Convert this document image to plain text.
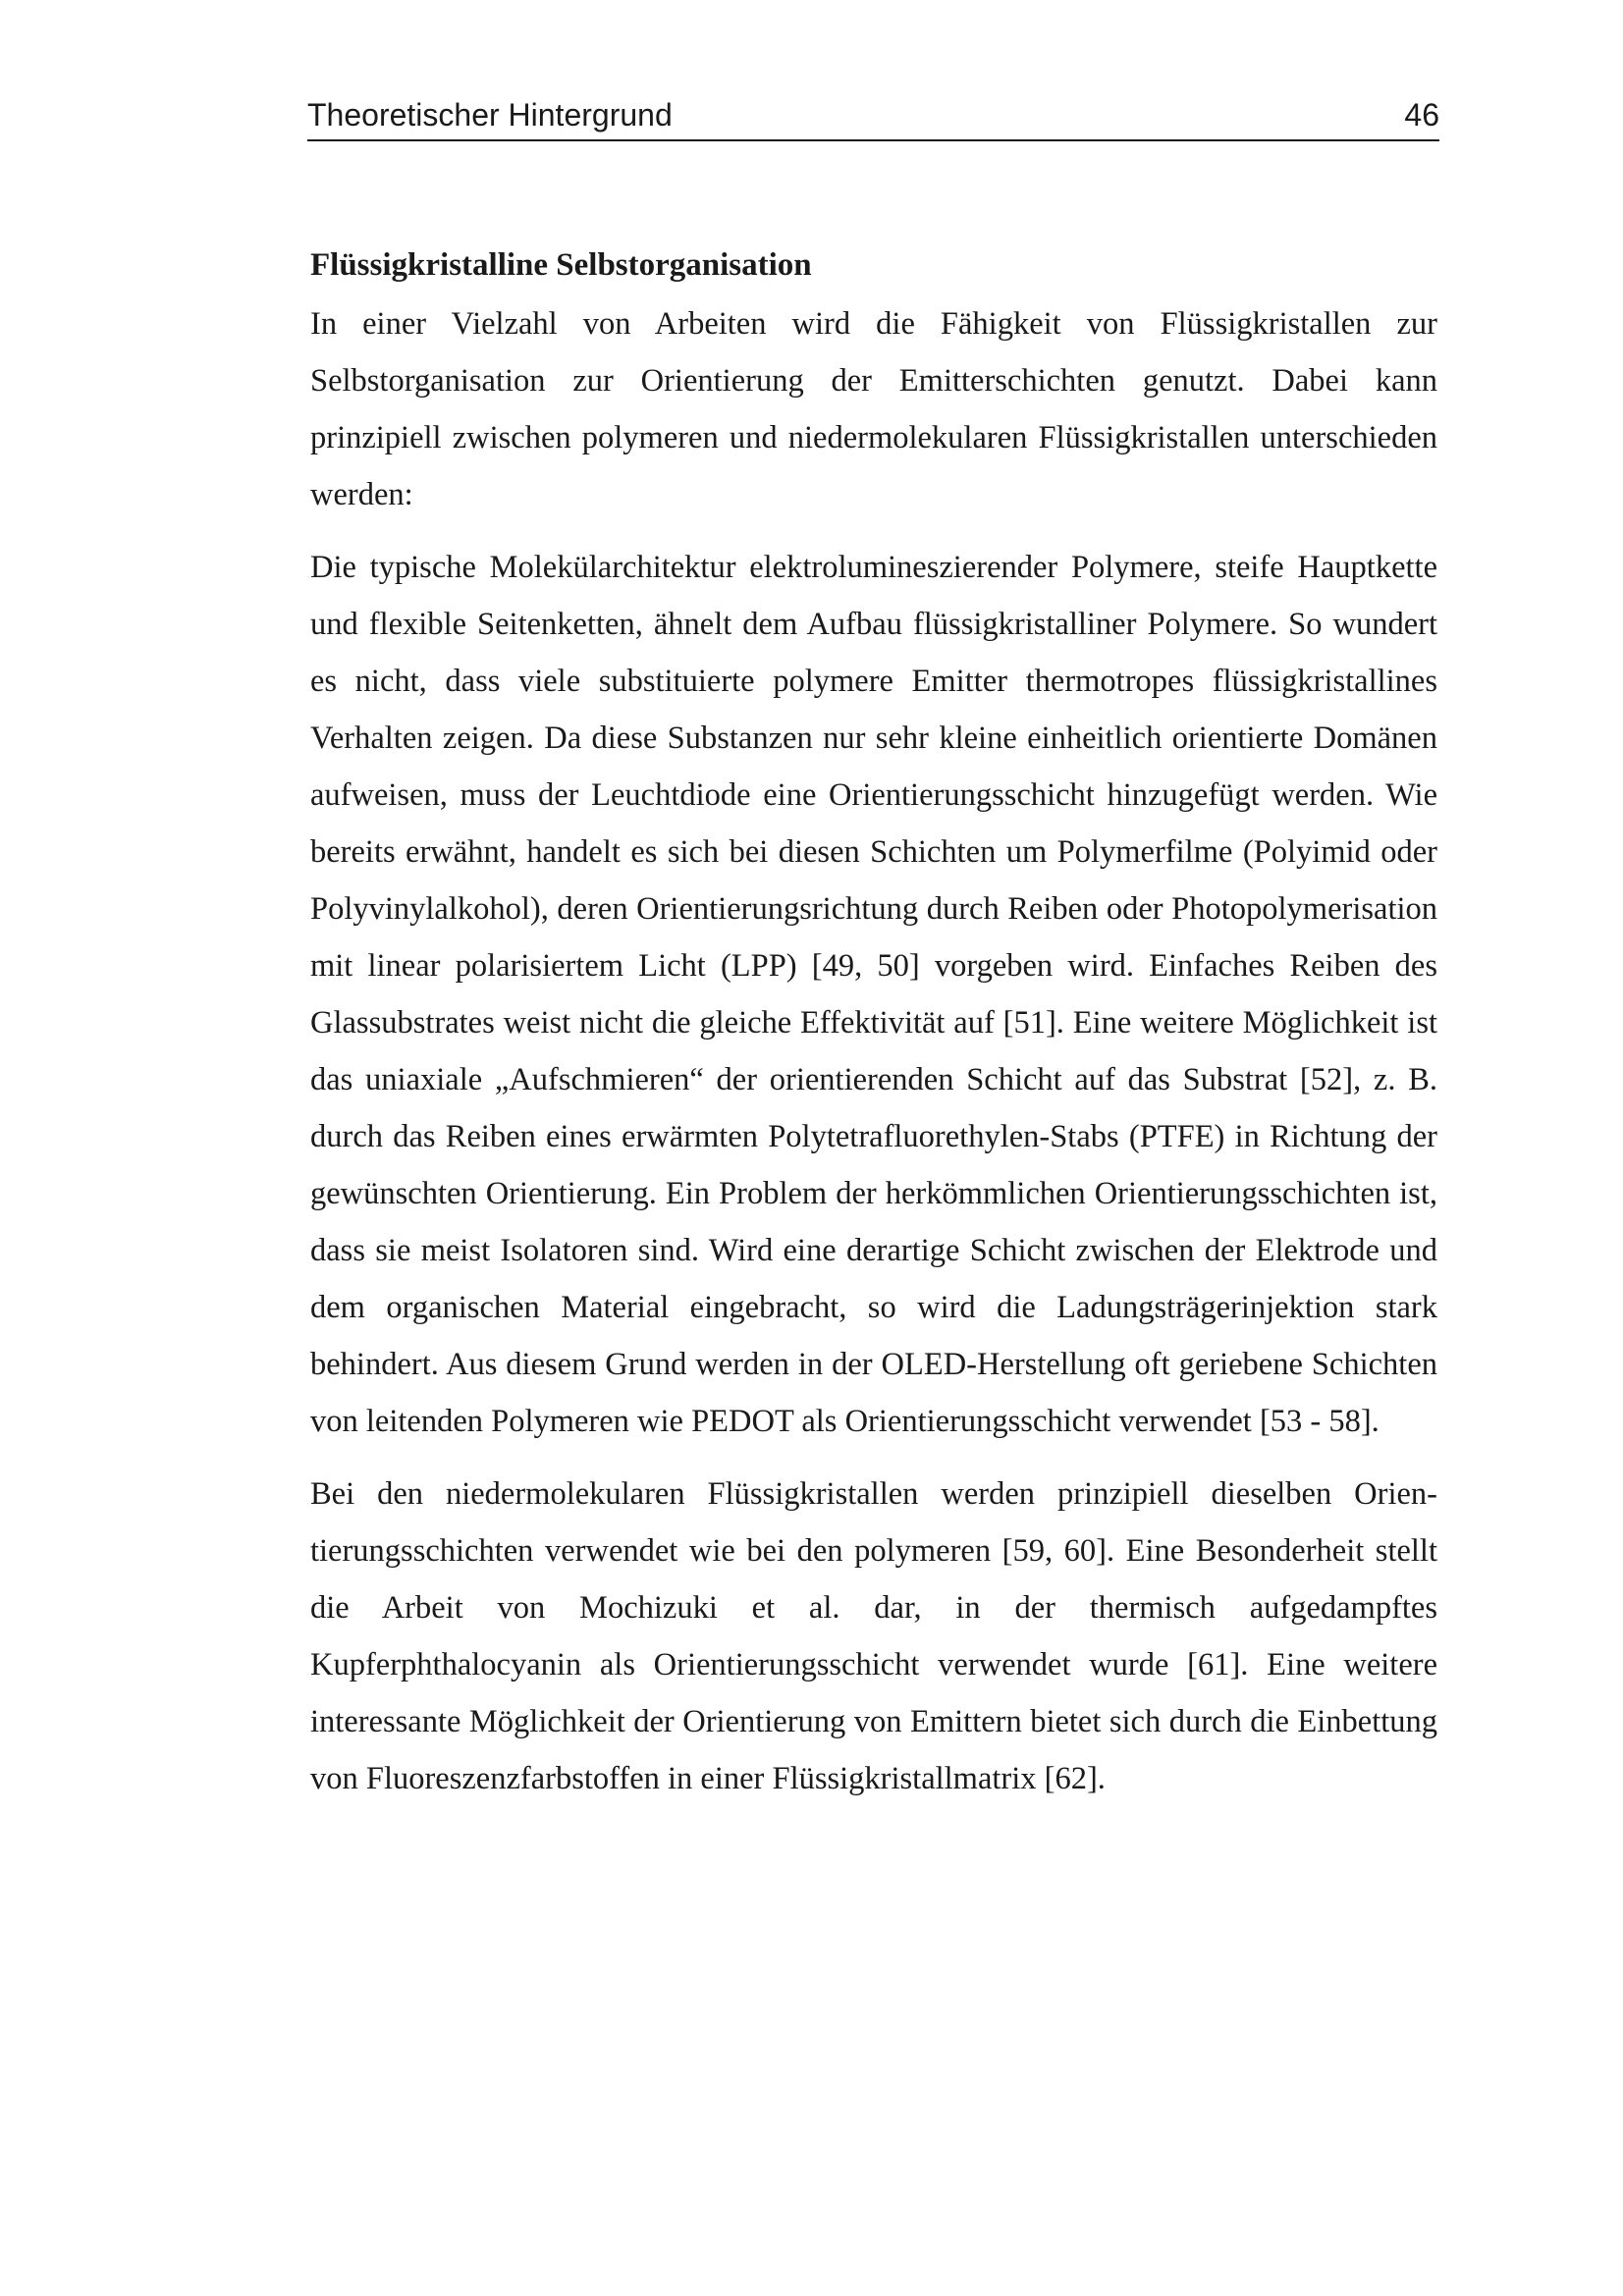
Theoretischer Hintergrund	46
Flüssigkristalline Selbstorganisation

In einer Vielzahl von Arbeiten wird die Fähigkeit von Flüssigkristallen zur Selbstorganisation zur Orientierung der Emitterschichten genutzt. Dabei kann prinzipiell zwischen polymeren und niedermolekularen Flüssigkristallen unterschieden werden:

Die typische Molekülarchitektur elektrolumineszierender Polymere, steife Hauptkette und flexible Seitenketten, ähnelt dem Aufbau flüssigkristalliner Polymere. So wundert es nicht, dass viele substituierte polymere Emitter thermotropes flüssigkristallines Verhalten zeigen. Da diese Substanzen nur sehr kleine einheitlich orientierte Domänen aufweisen, muss der Leuchtdiode eine Orientierungsschicht hinzugefügt werden. Wie bereits erwähnt, handelt es sich bei diesen Schichten um Polymerfilme (Polyimid oder Polyvinylalkohol), deren Orientierungsrichtung durch Reiben oder Photopolymerisation mit linear polarisiertem Licht (LPP) [49, 50] vorgeben wird. Einfaches Reiben des Glassubstrates weist nicht die gleiche Effektivität auf [51]. Eine weitere Möglichkeit ist das uniaxiale „Aufschmieren“ der orientierenden Schicht auf das Substrat [52], z. B. durch das Reiben eines erwärmten Polytetrafluorethylen-Stabs (PTFE) in Richtung der gewünschten Orientierung. Ein Problem der herkömmlichen Orientierungsschichten ist, dass sie meist Isolatoren sind. Wird eine derartige Schicht zwischen der Elektrode und dem organischen Material eingebracht, so wird die Ladungsträgerinjektion stark behindert. Aus diesem Grund werden in der OLED-Herstellung oft geriebene Schichten von leitenden Polymeren wie PEDOT als Orientierungsschicht verwendet [53 - 58].

Bei den niedermolekularen Flüssigkristallen werden prinzipiell dieselben Orientierungsschichten verwendet wie bei den polymeren [59, 60]. Eine Besonderheit stellt die Arbeit von Mochizuki et al. dar, in der thermisch aufgedampftes Kupferphthalocyanin als Orientierungsschicht verwendet wurde [61]. Eine weitere interessante Möglichkeit der Orientierung von Emittern bietet sich durch die Einbettung von Fluoreszenzfarbstoffen in einer Flüssigkristallmatrix [62].
